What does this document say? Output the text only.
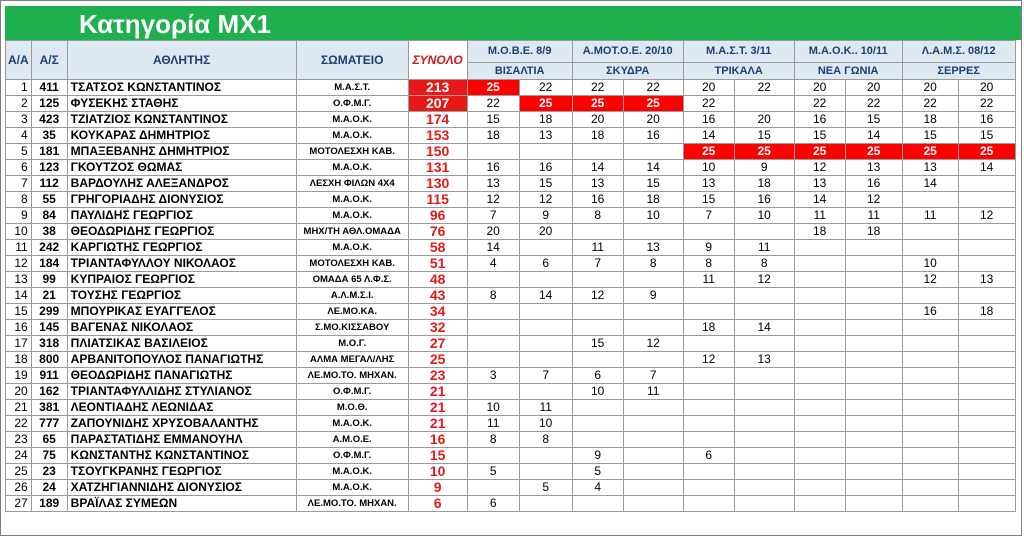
Κατηγορία MX1
Α/Α	Α/Σ	ΑΘΛΗΤΗΣ	ΣΩΜΑΤΕΙΟ	ΣΥΝΟΛΟ	Μ.Ο.Β.Ε. 8/9		Α.ΜΟΤ.Ο.Ε. 20/10		Μ.Α.Σ.Τ. 3/11		Μ.Α.Ο.Κ.. 10/11		Λ.Α.Μ.Σ. 08/12	
					ΒΙΣΑΛΤΙΑ		ΣΚΥΔΡΑ		ΤΡΙΚΑΛΑ		ΝΕΑ ΓΩΝΙΑ		ΣΕΡΡΕΣ	
1	411	ΤΣΑΤΣΟΣ ΚΩΝΣΤΑΝΤΙΝΟΣ	Μ.Α.Σ.Τ.	213	25	22	22	22	20	22	20	20	20	20
2	125	ΦΥΣΕΚΗΣ ΣΤΑΘΗΣ	Ο.Φ.Μ.Γ.	207	22	25	25	25	22		22	22	22	22
3	423	ΤΖΙΑΤΖΙΟΣ ΚΩΝΣΤΑΝΤΙΝΟΣ	Μ.Α.Ο.Κ.	174	15	18	20	20	16	20	16	15	18	16
4	35	ΚΟΥΚΑΡΑΣ ΔΗΜΗΤΡΙΟΣ	Μ.Α.Ο.Κ.	153	18	13	18	16	14	15	15	14	15	15
5	181	ΜΠΑΞΕΒΑΝΗΣ ΔΗΜΗΤΡΙΟΣ	ΜΟΤΟΛΕΣΧΗ ΚΑΒ.	150					25	25	25	25	25	25
6	123	ΓΚΟΥΤΖΟΣ ΘΩΜΑΣ	Μ.Α.Ο.Κ.	131	16	16	14	14	10	9	12	13	13	14
7	112	ΒΑΡΔΟΥΛΗΣ ΑΛΕΞΑΝΔΡΟΣ	ΛΕΣΧΗ ΦΙΛΩΝ 4Χ4	130	13	15	13	15	13	18	13	16	14	
8	55	ΓΡΗΓΟΡΙΑΔΗΣ ΔΙΟΝΥΣΙΟΣ	Μ.Α.Ο.Κ.	115	12	12	16	18	15	16	14	12		
9	84	ΠΑΥΛΙΔΗΣ ΓΕΩΡΓΙΟΣ	Μ.Α.Ο.Κ.	96	7	9	8	10	7	10	11	11	11	12
10	38	ΘΕΟΔΩΡΙΔΗΣ ΓΕΩΡΓΙΟΣ	ΜΗΧ/ΤΗ ΑΘΛ.ΟΜΑΔΑ	76	20	20					18	18		
11	242	ΚΑΡΓΙΩΤΗΣ ΓΕΩΡΓΙΟΣ	Μ.Α.Ο.Κ.	58	14		11	13	9	11				
12	184	ΤΡΙΑΝΤΑΦΥΛΛΟΥ ΝΙΚΟΛΑΟΣ	ΜΟΤΟΛΕΣΧΗ ΚΑΒ.	51	4	6	7	8	8	8			10	
13	99	ΚΥΠΡΑΙΟΣ ΓΕΩΡΓΙΟΣ	ΟΜΑΔΑ 65 Λ.Φ.Σ.	48					11	12			12	13
14	21	ΤΟΥΣΗΣ ΓΕΩΡΓΙΟΣ	Α.Λ.Μ.Σ.Ι.	43	8	14	12	9						
15	299	ΜΠΟΥΡΙΚΑΣ ΕΥΑΓΓΕΛΟΣ	ΛΕ.ΜΟ.ΚΑ.	34									16	18
16	145	ΒΑΓΕΝΑΣ ΝΙΚΟΛΑΟΣ	Σ.ΜΟ.ΚΙΣΣΑΒΟΥ	32					18	14				
17	318	ΠΛΙΑΤΣΙΚΑΣ ΒΑΣΙΛΕΙΟΣ	Μ.Ο.Γ.	27			15	12						
18	800	ΑΡΒΑΝΙΤΟΠΟΥΛΟΣ ΠΑΝΑΓΙΩΤΗΣ	ΑΛΜΑ ΜΕΓΑΛ/ΛΗΣ	25					12	13				
19	911	ΘΕΟΔΩΡΙΔΗΣ ΠΑΝΑΓΙΩΤΗΣ	ΛΕ.ΜΟ.ΤΟ. ΜΗΧΑΝ.	23	3	7	6	7						
20	162	ΤΡΙΑΝΤΑΦΥΛΛΙΔΗΣ ΣΤΥΛΙΑΝΟΣ	Ο.Φ.Μ.Γ.	21			10	11						
21	381	ΛΕΟΝΤΙΑΔΗΣ ΛΕΩΝΙΔΑΣ	Μ.Ο.Θ.	21	10	11								
22	777	ΖΑΠΟΥΝΙΔΗΣ ΧΡΥΣΟΒΑΛΑΝΤΗΣ	Μ.Α.Ο.Κ.	21	11	10								
23	65	ΠΑΡΑΣΤΑΤΙΔΗΣ ΕΜΜΑΝΟΥΗΛ	Α.Μ.Ο.Ε.	16	8	8								
24	75	ΚΩΝΣΤΑΝΤΗΣ ΚΩΝΣΤΑΝΤΙΝΟΣ	Ο.Φ.Μ.Γ.	15			9		6					
25	23	ΤΣΟΥΓΚΡΑΝΗΣ ΓΕΩΡΓΙΟΣ	Μ.Α.Ο.Κ.	10	5		5							
26	24	ΧΑΤΖΗΓΙΑΝΝΙΔΗΣ ΔΙΟΝΥΣΙΟΣ	Μ.Α.Ο.Κ.	9		5	4							
27	189	ΒΡΑΪΛΑΣ ΣΥΜΕΩΝ	ΛΕ.ΜΟ.ΤΟ. ΜΗΧΑΝ.	6	6									
